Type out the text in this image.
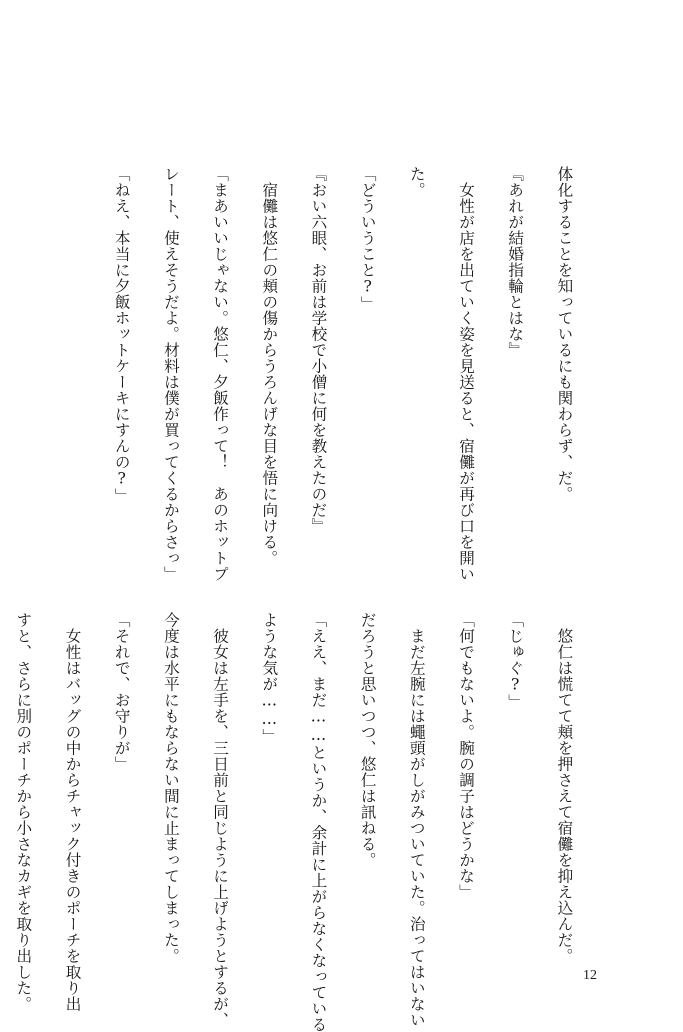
体化することを知っているにも関わらず、だ。

『あれが結婚指輪とはな』

　女性が店を出ていく姿を見送ると、宿儺が再び口を開い

た。

「どういうこと?」

『おい六眼、お前は学校で小僧に何を教えたのだ』

　宿儺は悠仁の頬の傷からうろんげな目を悟に向ける。

「まあいいじゃない。悠仁、夕飯作って！　あのホットプ

レート、使えそうだよ。材料は僕が買ってくるからさっ」

「ねえ、本当に夕飯ホットケーキにすんの?」

　悠仁は慌てて頬を押さえて宿儺を抑え込んだ。

「じゅぐ?」

「何でもないよ。腕の調子はどうかな」

　まだ左腕には蠅頭がしがみついていた。治ってはいない

だろうと思いつつ、悠仁は訊ねる。

「ええ、まだ……というか、余計に上がらなくなっている

ような気が……」

　彼女は左手を、三日前と同じように上げようとするが、

今度は水平にもならない間に止まってしまった。

「それで、お守りが」

　女性はバッグの中からチャック付きのポーチを取り出

すと、さらに別のポーチから小さなカギを取り出した。

	12
